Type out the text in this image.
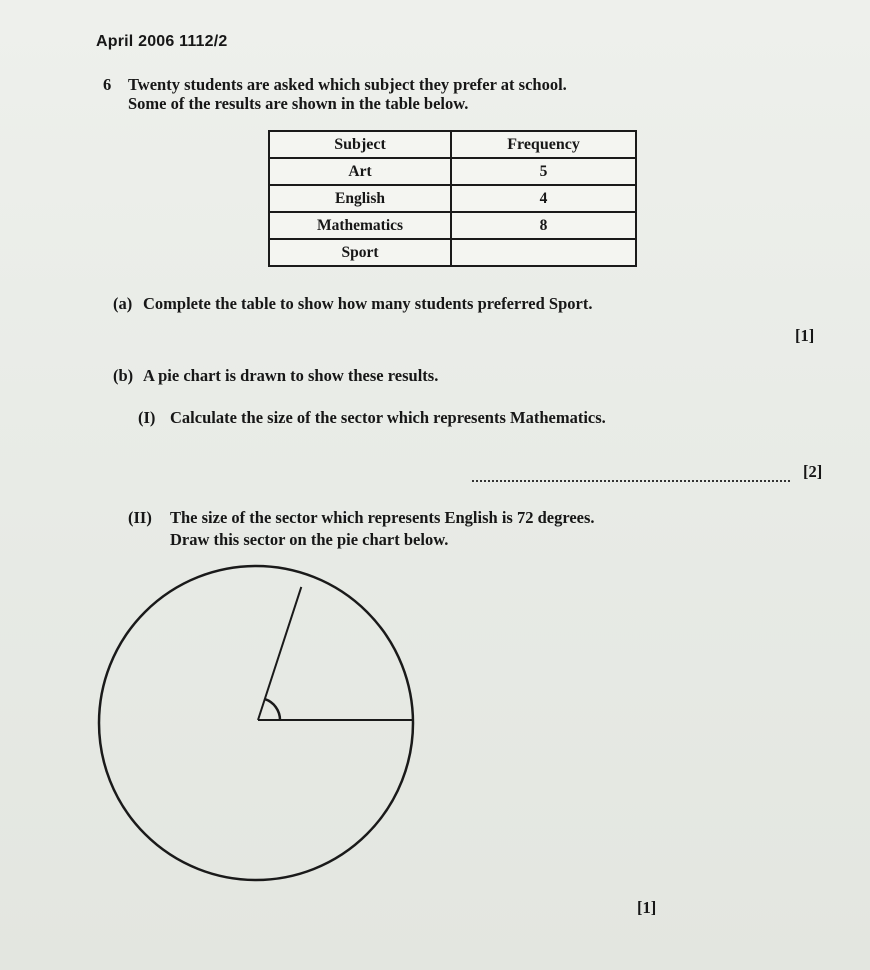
April 2006 1112/2
6 Twenty students are asked which subject they prefer at school.
Some of the results are shown in the table below.
Subject	Frequency
Art	5
English	4
Mathematics	8
Sport	
(a) Complete the table to show how many students preferred Sport.
[1]
(b) A pie chart is drawn to show these results.
(I) Calculate the size of the sector which represents Mathematics.
[2]
(II) The size of the sector which represents English is 72 degrees.
Draw this sector on the pie chart below.
[1]
